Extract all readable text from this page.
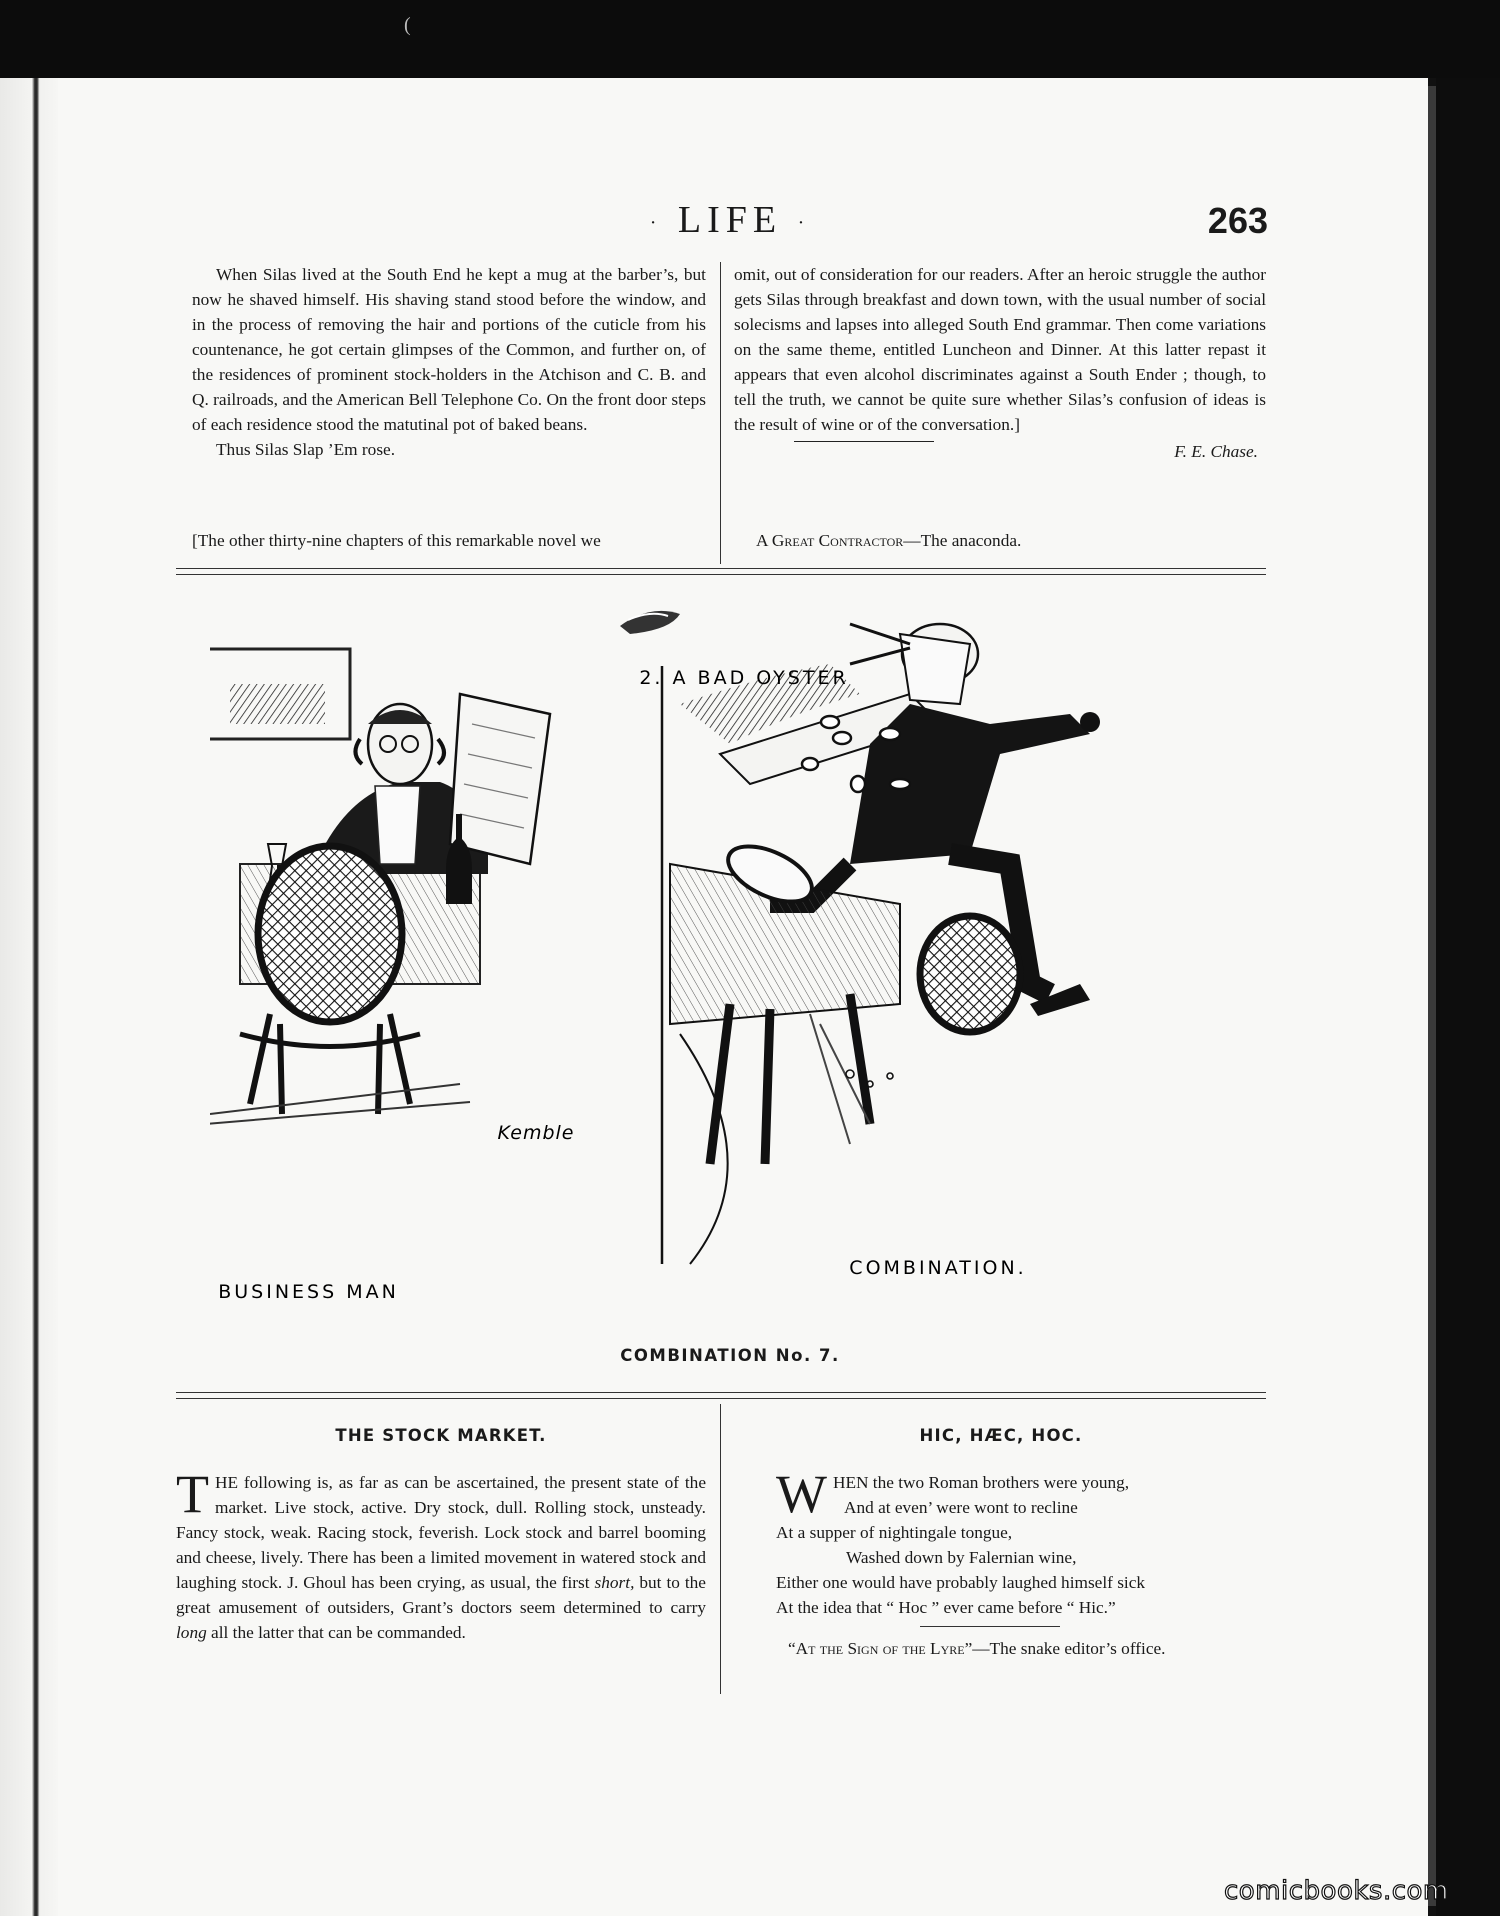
(
· LIFE ·	263

When Silas lived at the South End he kept a mug at the barber’s, but now he shaved himself. His shaving stand stood before the window, and in the process of removing the hair and portions of the cuticle from his countenance, he got certain glimpses of the Common, and further on, of the residences of prominent stock-holders in the Atchison and C. B. and Q. railroads, and the American Bell Telephone Co. On the front door steps of each residence stood the matutinal pot of baked beans.

Thus Silas Slap ’Em rose.

[The other thirty-nine chapters of this remarkable novel we

omit, out of consideration for our readers. After an heroic struggle the author gets Silas through breakfast and down town, with the usual number of social solecisms and lapses into alleged South End grammar. Then come variations on the same theme, entitled Luncheon and Dinner. At this latter repast it appears that even alcohol discriminates against a South Ender ; though, to tell the truth, we cannot be quite sure whether Silas’s confusion of ideas is the result of wine or of the conversation.]

F. E. Chase.

A Great Contractor—The anaconda.
2. A BAD OYSTER
A BUSINESS MAN
COMBINATION.
Kemble
COMBINATION No. 7.
THE STOCK MARKET.
THE following is, as far as can be ascertained, the present state of the market. Live stock, active. Dry stock, dull. Rolling stock, unsteady. Fancy stock, weak. Racing stock, feverish. Lock stock and barrel booming and cheese, lively. There has been a limited movement in watered stock and laughing stock. J. Ghoul has been crying, as usual, the first short, but to the great amusement of outsiders, Grant’s doctors seem determined to carry long all the latter that can be commanded.
HIC, HÆC, HOC.
W HEN the two Roman brothers were young,
And at even’ were wont to recline
At a supper of nightingale tongue,
Washed down by Falernian wine,
Either one would have probably laughed himself sick
At the idea that “ Hoc ” ever came before “ Hic.”
“At the Sign of the Lyre”—The snake editor’s office.
comicbooks.com
